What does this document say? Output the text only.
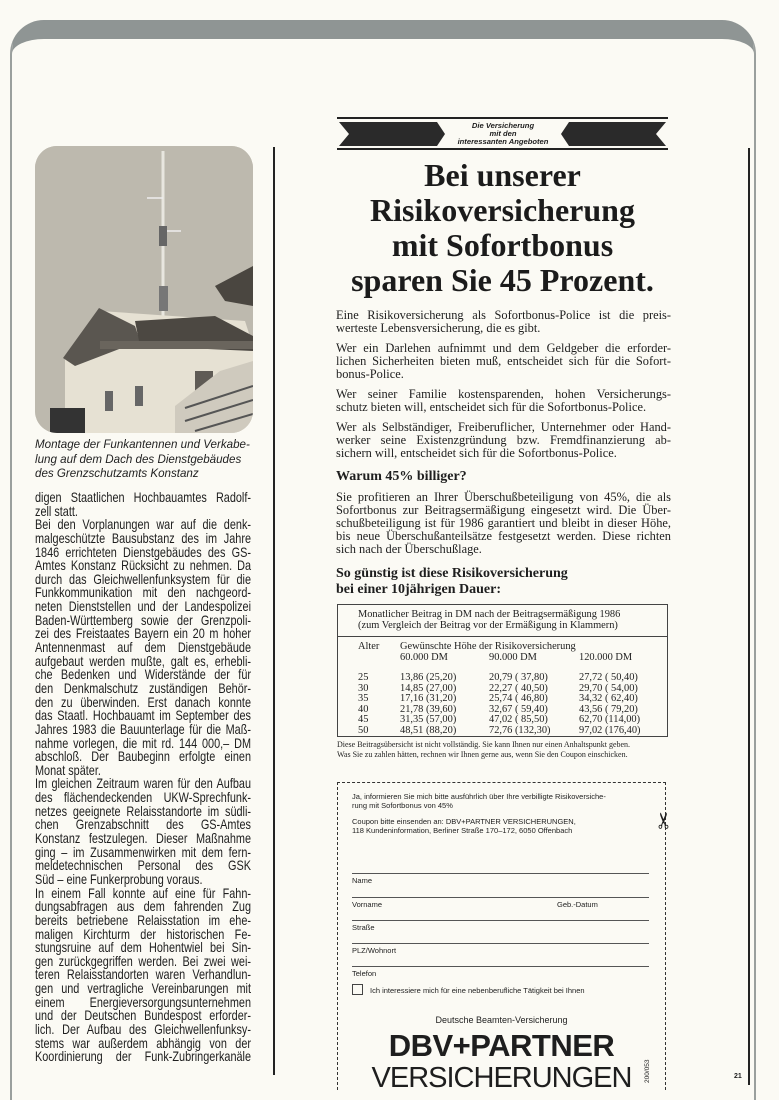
Montage der Funkantennen und Verkabe-
lung auf dem Dach des Dienstgebäudes
des Grenzschutzamts Konstanz
digen Staatlichen Hochbauamtes Radolf-
zell statt.
Bei den Vorplanungen war auf die denk-
malgeschützte Bausubstanz des im Jahre
1846 errichteten Dienstgebäudes des GS-
Amtes Konstanz Rücksicht zu nehmen. Da
durch das Gleichwellenfunksystem für die
Funkkommunikation mit den nachgeord-
neten Dienststellen und der Landespolizei
Baden-Württemberg sowie der Grenzpoli-
zei des Freistaates Bayern ein 20 m hoher
Antennenmast auf dem Dienstgebäude
aufgebaut werden mußte, galt es, erhebli-
che Bedenken und Widerstände der für
den Denkmalschutz zuständigen Behör-
den zu überwinden. Erst danach konnte
das Staatl. Hochbauamt im September des
Jahres 1983 die Bauunterlage für die Maß-
nahme vorlegen, die mit rd. 144 000,– DM
abschloß. Der Baubeginn erfolgte einen
Monat später.
Im gleichen Zeitraum waren für den Aufbau
des flächendeckenden UKW-Sprechfunk-
netzes geeignete Relaisstandorte im südli-
chen Grenzabschnitt des GS-Amtes
Konstanz festzulegen. Dieser Maßnahme
ging – im Zusammenwirken mit dem fern-
meldetechnischen Personal des GSK
Süd – eine Funkerprobung voraus.
In einem Fall konnte auf eine für Fahn-
dungsabfragen aus dem fahrenden Zug
bereits betriebene Relaisstation im ehe-
maligen Kirchturm der historischen Fe-
stungsruine auf dem Hohentwiel bei Sin-
gen zurückgegriffen werden. Bei zwei wei-
teren Relaisstandorten waren Verhandlun-
gen und vertragliche Vereinbarungen mit
einem Energieversorgungsunternehmen
und der Deutschen Bundespost erforder-
lich. Der Aufbau des Gleichwellenfunksy-
stems war außerdem abhängig von der
Koordinierung der Funk-Zubringerkanäle
Die Versicherung
mit den
interessanten Angeboten
Bei unserer
Risikoversicherung
mit Sofortbonus
sparen Sie 45 Prozent.
Eine Risikoversicherung als Sofortbonus-Police ist die preis-
werteste Lebensversicherung, die es gibt.
Wer ein Darlehen aufnimmt und dem Geldgeber die erforder-
lichen Sicherheiten bieten muß, entscheidet sich für die Sofort-
bonus-Police.
Wer seiner Familie kostensparenden, hohen Versicherungs-
schutz bieten will, entscheidet sich für die Sofortbonus-Police.
Wer als Selbständiger, Freiberuflicher, Unternehmer oder Hand-
werker seine Existenzgründung bzw. Fremdfinanzierung ab-
sichern will, entscheidet sich für die Sofortbonus-Police.
Warum 45% billiger?
Sie profitieren an Ihrer Überschußbeteiligung von 45%, die als
Sofortbonus zur Beitragsermäßigung eingesetzt wird. Die Über-
schußbeteiligung ist für 1986 garantiert und bleibt in dieser Höhe,
bis neue Überschußanteilsätze festgesetzt werden. Diese richten
sich nach der Überschußlage.
So günstig ist diese Risikoversicherung
bei einer 10jährigen Dauer:
Monatlicher Beitrag in DM nach der Beitragsermäßigung 1986
(zum Vergleich der Beitrag vor der Ermäßigung in Klammern)
Alter Gewünschte Höhe der Risikoversicherung
60.000 DM	90.000 DM	120.000 DM
25	13,86 (25,20)	20,79 ( 37,80)	27,72 ( 50,40)
30	14,85 (27,00)	22,27 ( 40,50)	29,70 ( 54,00)
35	17,16 (31,20)	25,74 ( 46,80)	34,32 ( 62,40)
40	21,78 (39,60)	32,67 ( 59,40)	43,56 ( 79,20)
45	31,35 (57,00)	47,02 ( 85,50)	62,70 (114,00)
50	48,51 (88,20)	72,76 (132,30)	97,02 (176,40)
Diese Beitragsübersicht ist nicht vollständig. Sie kann Ihnen nur einen Anhaltspunkt geben.
Was Sie zu zahlen hätten, rechnen wir Ihnen gerne aus, wenn Sie den Coupon einschicken.
Ja, informieren Sie mich bitte ausführlich über Ihre verbilligte Risikoversiche-
rung mit Sofortbonus von 45%
Coupon bitte einsenden an: DBV+PARTNER VERSICHERUNGEN,
118 Kundeninformation, Berliner Straße 170–172, 6050 Offenbach
Name
Vorname	Geb.-Datum
Straße
PLZ/Wohnort
Telefon
Ich interessiere mich für eine nebenberufliche Tätigkeit bei Ihnen
Deutsche Beamten-Versicherung
DBV+PARTNER
VERSICHERUNGEN	200/053
✂
21
